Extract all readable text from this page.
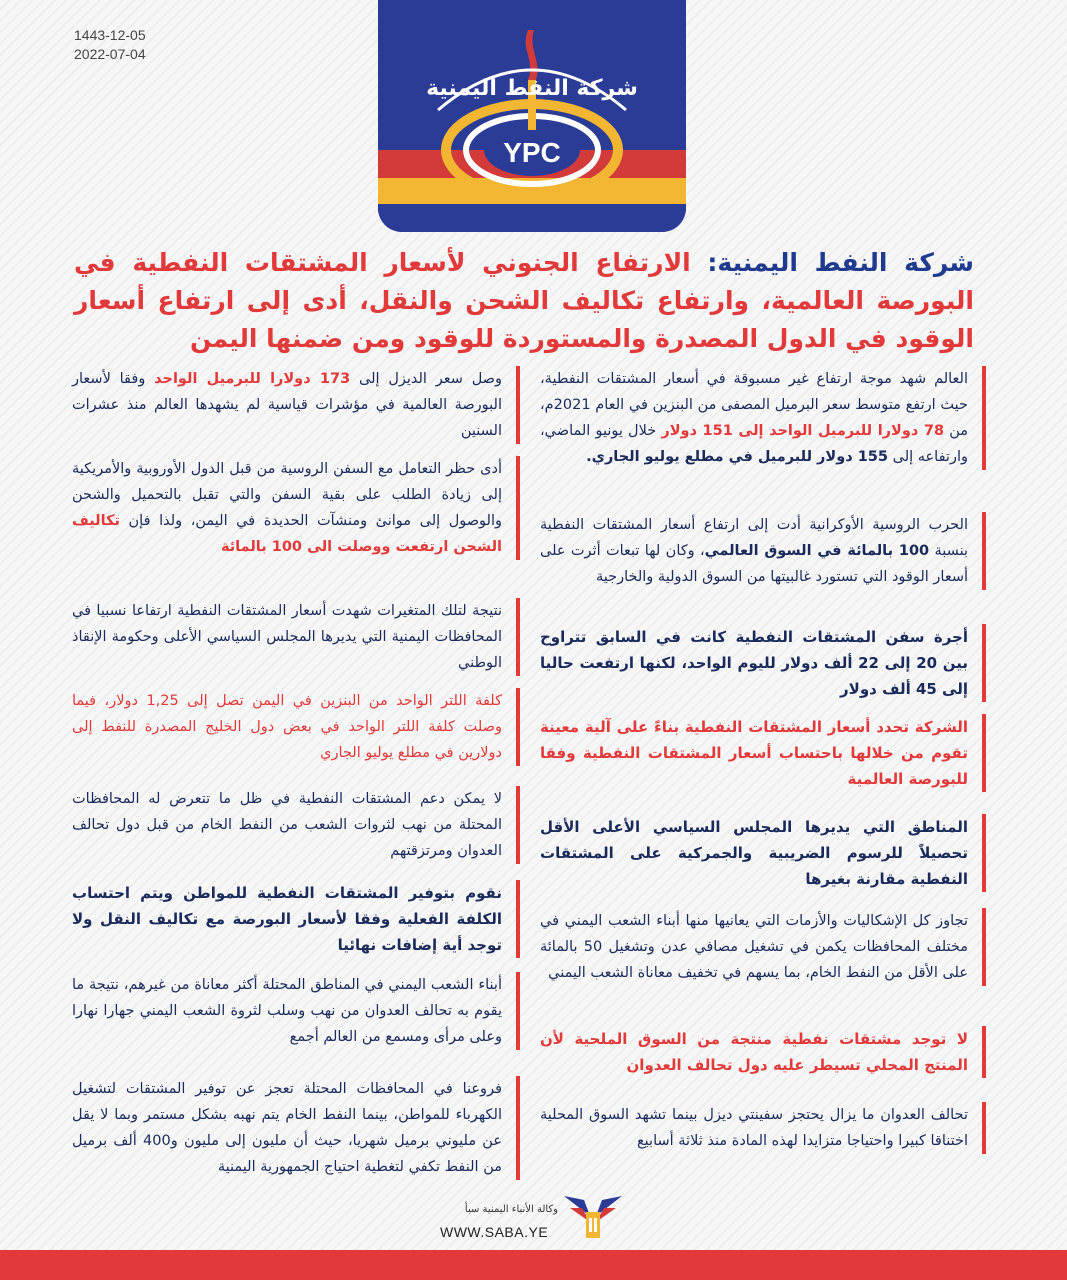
1443-12-05
2022-07-04
شركة النفط اليمنية
YPC
شركة النفط اليمنية: الارتفاع الجنوني لأسعار المشتقات النفطية في البورصة العالمية، وارتفاع تكاليف الشحن والنقل، أدى إلى ارتفاع أسعار الوقود في الدول المصدرة والمستوردة للوقود ومن ضمنها اليمن
العالم شهد موجة ارتفاع غير مسبوقة في أسعار المشتقات النفطية، حيث ارتفع متوسط سعر البرميل المصفى من البنزين في العام 2021م، من 78 دولارا للبرميل الواحد إلى 151 دولار خلال يونيو الماضي، وارتفاعه إلى 155 دولار للبرميل في مطلع يوليو الجاري.
الحرب الروسية الأوكرانية أدت إلى ارتفاع أسعار المشتقات النفطية بنسبة 100 بالمائة في السوق العالمي، وكان لها تبعات أثرت على أسعار الوقود التي تستورد غالبيتها من السوق الدولية والخارجية
أجرة سفن المشتقات النفطية كانت في السابق تتراوح بين 20 إلى 22 ألف دولار لليوم الواحد، لكنها ارتفعت حاليا إلى 45 ألف دولار
الشركة تحدد أسعار المشتقات النفطية بناءً على آلية معينة تقوم من خلالها باحتساب أسعار المشتقات النفطية وفقا للبورصة العالمية
المناطق التي يديرها المجلس السياسي الأعلى الأقل تحصيلاً للرسوم الضريبية والجمركية على المشتقات النفطية مقارنة بغيرها
تجاوز كل الإشكاليات والأزمات التي يعانيها منها أبناء الشعب اليمني في مختلف المحافظات يكمن في تشغيل مصافي عدن وتشغيل 50 بالمائة على الأقل من النفط الخام، بما يسهم في تخفيف معاناة الشعب اليمني
لا توجد مشتقات نفطية منتجة من السوق الملحية لأن المنتج المحلي تسيطر عليه دول تحالف العدوان
تحالف العدوان ما يزال يحتجز سفينتي ديزل بينما تشهد السوق المحلية اختناقا كبيرا واحتياجا متزايدا لهذه المادة منذ ثلاثة أسابيع
وصل سعر الديزل إلى 173 دولارا للبرميل الواحد وفقا لأسعار البورصة العالمية في مؤشرات قياسية لم يشهدها العالم منذ عشرات السنين
أدى حظر التعامل مع السفن الروسية من قبل الدول الأوروبية والأمريكية إلى زيادة الطلب على بقية السفن والتي تقبل بالتحميل والشحن والوصول إلى موانئ ومنشآت الحديدة في اليمن، ولذا فإن تكاليف الشحن ارتفعت ووصلت الى 100 بالمائة
نتيجة لتلك المتغيرات شهدت أسعار المشتقات النفطية ارتفاعا نسبيا في المحافظات اليمنية التي يديرها المجلس السياسي الأعلى وحكومة الإنقاذ الوطني
كلفة اللتر الواحد من البنزين في اليمن تصل إلى 1,25 دولار، فيما وصلت كلفة اللتر الواحد في بعض دول الخليج المصدرة للنفط إلى دولارين في مطلع يوليو الجاري
لا يمكن دعم المشتقات النفطية في ظل ما تتعرض له المحافظات المحتلة من نهب لثروات الشعب من النفط الخام من قبل دول تحالف العدوان ومرتزقتهم
نقوم بتوفير المشتقات النفطية للمواطن ويتم احتساب الكلفة الفعلية وفقا لأسعار البورصة مع تكاليف النقل ولا توجد أية إضافات نهائيا
أبناء الشعب اليمني في المناطق المحتلة أكثر معاناة من غيرهم، نتيجة ما يقوم به تحالف العدوان من نهب وسلب لثروة الشعب اليمني جهارا نهارا وعلى مرأى ومسمع من العالم أجمع
فروعنا في المحافظات المحتلة تعجز عن توفير المشتقات لتشغيل الكهرباء للمواطن، بينما النفط الخام يتم نهبه بشكل مستمر وبما لا يقل عن مليوني برميل شهريا، حيث أن مليون إلى مليون و400 ألف برميل من النفط تكفي لتغطية احتياج الجمهورية اليمنية
وكالة الأنباء اليمنية سبأ
WWW.SABA.YE
